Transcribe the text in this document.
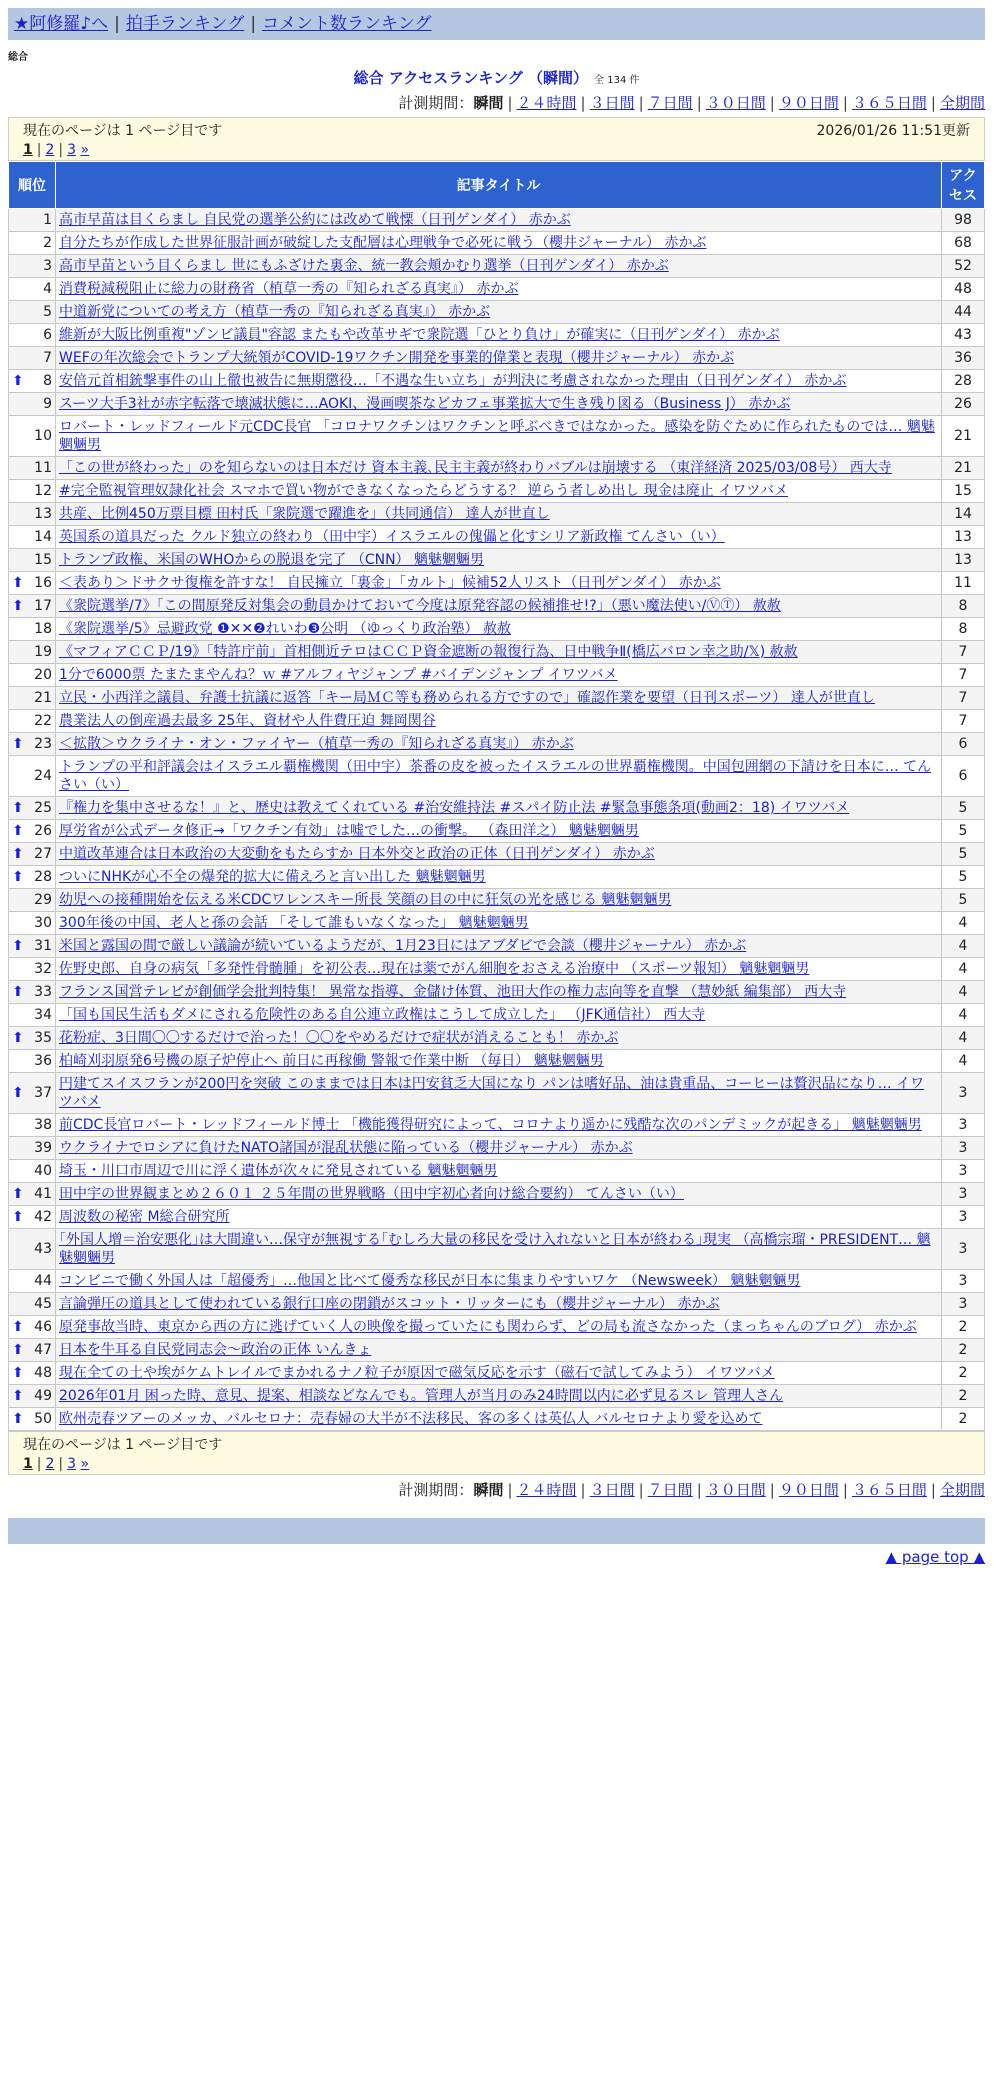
★阿修羅♪へ | 拍手ランキング | コメント数ランキング
総合
総合 アクセスランキング （瞬間） 全 134 件
計測期間：瞬間 | ２４時間 | ３日間 | ７日間 | ３０日間 | ９０日間 | ３６５日間 | 全期間
現在のページは 1 ページ目です	2026/01/26 11:51更新
1 | 2 | 3 »
順位	記事タイトル	アクセス
1	高市早苗は目くらまし 自民党の選挙公約には改めて戦慄（日刊ゲンダイ） 赤かぶ	98
2	自分たちが作成した世界征服計画が破綻した支配層は心理戦争で必死に戦う（櫻井ジャーナル） 赤かぶ	68
3	高市早苗という目くらまし 世にもふざけた裏金、統一教会頬かむり選挙（日刊ゲンダイ） 赤かぶ	52
4	消費税減税阻止に総力の財務省（植草一秀の『知られざる真実』） 赤かぶ	48
5	中道新党についての考え方（植草一秀の『知られざる真実』） 赤かぶ	44
6	維新が大阪比例重複"ゾンビ議員"容認 またもや改革サギで衆院選「ひとり負け」が確実に（日刊ゲンダイ） 赤かぶ	43
7	WEFの年次総会でトランプ大統領がCOVID-19ワクチン開発を事業的偉業と表現（櫻井ジャーナル） 赤かぶ	36

⬆ 8	安倍元首相銃撃事件の山上徹也被告に無期懲役…「不遇な生い立ち」が判決に考慮されなかった理由（日刊ゲンダイ） 赤かぶ	28
9	スーツ大手3社が赤字転落で壊滅状態に…AOKI、漫画喫茶などカフェ事業拡大で生き残り図る（Business J） 赤かぶ	26
10	ロバート・レッドフィールド元CDC長官 「コロナワクチンはワクチンと呼ぶべきではなかった。感染を防ぐために作られたものでは… 魑魅魍魎男	21
11	「この世が終わった」のを知らないのは日本だけ 資本主義､民主主義が終わりバブルは崩壊する （東洋経済 2025/03/08号） 西大寺	21
12	#完全監視管理奴隷化社会 スマホで買い物ができなくなったらどうする？ 逆らう者しめ出し 現金は廃止 イワツバメ	15
13	共産、比例450万票目標 田村氏「衆院選で躍進を」（共同通信） 達人が世直し	14
14	英国系の道具だった クルド独立の終わり（田中宇）イスラエルの傀儡と化すシリア新政権 てんさい（い）	13
15	トランプ政権、米国のWHOからの脱退を完了 （CNN） 魑魅魍魎男	13

⬆ 16	＜表あり＞ドサクサ復権を許すな！ 自民擁立「裏金」「カルト」候補52人リスト（日刊ゲンダイ） 赤かぶ	11

⬆ 17	《衆院選挙/7》「この間原発反対集会の動員かけておいて今度は原発容認の候補推せ!?」（悪い魔法使い/ⓋⓉ） 赦赦	8
18	《衆院選挙/5》忌避政党 ❶✕✕❷れいわ❸公明 （ゆっくり政治塾） 赦赦	8
19	《マフィアＣＣＰ/19》「特許庁前」首相側近テロはＣＣＰ資金遮断の報復行為、日中戦争Ⅱ(橋広バロン幸之助/𝕏) 赦赦	7
20	1分で6000票 たまたまやんね？ｗ #アルフィヤジャンプ #バイデンジャンプ イワツバメ	7
21	立民・小西洋之議員、弁護士抗議に返答「キー局ＭＣ等も務められる方ですので」確認作業を要望（日刊スポーツ） 達人が世直し	7
22	農業法人の倒産過去最多 25年、資材や人件費圧迫 舞岡関谷	7

⬆ 23	＜拡散＞ウクライナ・オン・ファイヤー（植草一秀の『知られざる真実』） 赤かぶ	6
24	トランプの平和評議会はイスラエル覇権機関（田中宇）茶番の皮を被ったイスラエルの世界覇権機関。中国包囲網の下請けを日本に… てんさい（い）	6

⬆ 25	『権力を集中させるな！』と、歴史は教えてくれている #治安維持法 #スパイ防止法 #緊急事態条項(動画2：18) イワツバメ	5

⬆ 26	厚労省が公式データ修正→「ワクチン有効」は嘘でした…の衝撃。 （森田洋之） 魑魅魍魎男	5

⬆ 27	中道改革連合は日本政治の大変動をもたらすか 日本外交と政治の正体（日刊ゲンダイ） 赤かぶ	5

⬆ 28	ついにNHKが心不全の爆発的拡大に備えろと言い出した 魑魅魍魎男	5
29	幼児への接種開始を伝える米CDCワレンスキー所長 笑顔の目の中に狂気の光を感じる 魑魅魍魎男	5
30	300年後の中国、老人と孫の会話 「そして誰もいなくなった」 魑魅魍魎男	4

⬆ 31	米国と露国の間で厳しい議論が続いているようだが、1月23日にはアブダビで会談（櫻井ジャーナル） 赤かぶ	4
32	佐野史郎、自身の病気「多発性骨髄腫」を初公表…現在は薬でがん細胞をおさえる治療中 （スポーツ報知） 魑魅魍魎男	4

⬆ 33	フランス国営テレビが創価学会批判特集！ 異常な指導、金儲け体質、池田大作の権力志向等を直撃 （慧妙紙 編集部） 西大寺	4
34	「国も国民生活もダメにされる危険性のある自公連立政権はこうして成立した」 （JFK通信社） 西大寺	4

⬆ 35	花粉症、3日間〇〇するだけで治った！〇〇をやめるだけで症状が消えることも！ 赤かぶ	4
36	柏崎刈羽原発6号機の原子炉停止へ 前日に再稼働 警報で作業中断 （毎日） 魑魅魍魎男	4

⬆ 37	円建てスイスフランが200円を突破 このままでは日本は円安貧乏大国になり パンは嗜好品、油は貴重品、コーヒーは贅沢品になり… イワツバメ	3
38	前CDC長官ロバート・レッドフィールド博士 「機能獲得研究によって、コロナより遥かに残酷な次のパンデミックが起きる」 魑魅魍魎男	3
39	ウクライナでロシアに負けたNATO諸国が混乱状態に陥っている（櫻井ジャーナル） 赤かぶ	3
40	埼玉・川口市周辺で川に浮く遺体が次々に発見されている 魑魅魍魎男	3

⬆ 41	田中宇の世界観まとめ２６０１ ２５年間の世界戦略（田中宇初心者向け総合要約） てんさい（い）	3

⬆ 42	周波数の秘密 M総合研究所	3
43	｢外国人増＝治安悪化｣は大間違い…保守が無視する｢むしろ大量の移民を受け入れないと日本が終わる｣現実 （高橋宗瑠・PRESIDENT… 魑魅魍魎男	3
44	コンビニで働く外国人は「超優秀」…他国と比べて優秀な移民が日本に集まりやすいワケ （Newsweek） 魑魅魍魎男	3
45	言論弾圧の道具として使われている銀行口座の閉鎖がスコット・リッターにも（櫻井ジャーナル） 赤かぶ	3

⬆ 46	原発事故当時、東京から西の方に逃げていく人の映像を撮っていたにも関わらず、どの局も流さなかった（まっちゃんのブログ） 赤かぶ	2

⬆ 47	日本を牛耳る自民党同志会～政治の正体 いんきょ	2

⬆ 48	現在全ての土や埃がケムトレイルでまかれるナノ粒子が原因で磁気反応を示す（磁石で試してみよう） イワツバメ	2

⬆ 49	2026年01月 困った時、意見、提案、相談などなんでも。管理人が当月のみ24時間以内に必ず見るスレ 管理人さん	2

⬆ 50	欧州売春ツアーのメッカ、バルセロナ：売春婦の大半が不法移民、客の多くは英仏人 バルセロナより愛を込めて	2
現在のページは 1 ページ目です
1 | 2 | 3 »
計測期間：瞬間 | ２４時間 | ３日間 | ７日間 | ３０日間 | ９０日間 | ３６５日間 | 全期間
▲ page top ▲
